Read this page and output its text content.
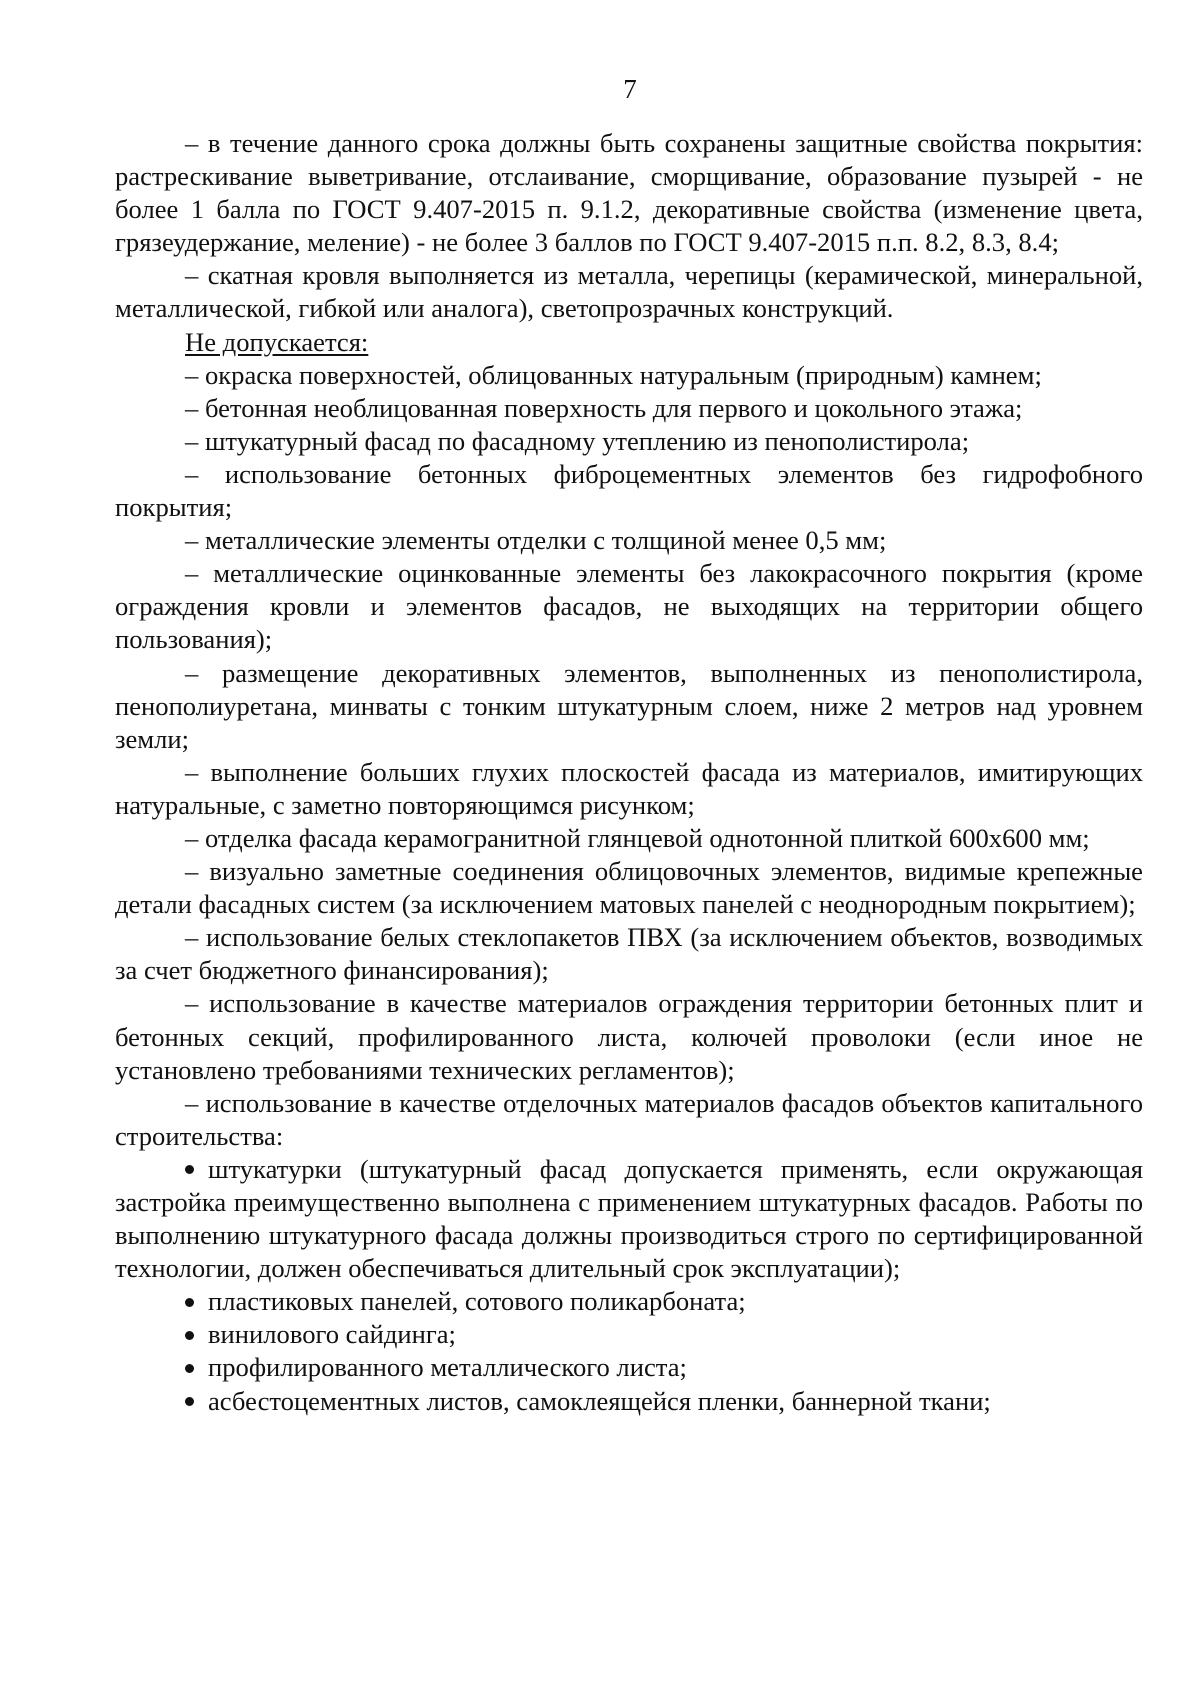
7

– в течение данного срока должны быть сохранены защитные свойства покрытия: растрескивание выветривание, отслаивание, сморщивание, образование пузырей - не более 1 балла по ГОСТ 9.407-2015 п. 9.1.2, декоративные свойства (изменение цвета, грязеудержание, меление) - не более 3 баллов по ГОСТ 9.407-2015 п.п. 8.2, 8.3, 8.4;

– скатная кровля выполняется из металла, черепицы (керамической, минеральной, металлической, гибкой или аналога), светопрозрачных конструкций.

Не допускается:

– окраска поверхностей, облицованных натуральным (природным) камнем;

– бетонная необлицованная поверхность для первого и цокольного этажа;

– штукатурный фасад по фасадному утеплению из пенополистирола;

– использование бетонных фиброцементных элементов без гидрофобного покрытия;

– металлические элементы отделки с толщиной менее 0,5 мм;

– металлические оцинкованные элементы без лакокрасочного покрытия (кроме ограждения кровли и элементов фасадов, не выходящих на территории общего пользования);

– размещение декоративных элементов, выполненных из пенополистирола, пенополиуретана, минваты с тонким штукатурным слоем, ниже 2 метров над уровнем земли;

– выполнение больших глухих плоскостей фасада из материалов, имитирующих натуральные, с заметно повторяющимся рисунком;

– отделка фасада керамогранитной глянцевой однотонной плиткой 600х600 мм;

– визуально заметные соединения облицовочных элементов, видимые крепежные детали фасадных систем (за исключением матовых панелей с неоднородным покрытием);

– использование белых стеклопакетов ПВХ (за исключением объектов, возводимых за счет бюджетного финансирования);

– использование в качестве материалов ограждения территории бетонных плит и бетонных секций, профилированного листа, колючей проволоки (если иное не установлено требованиями технических регламентов);

– использование в качестве отделочных материалов фасадов объектов капитального строительства:

штукатурки (штукатурный фасад допускается применять, если окружающая застройка преимущественно выполнена с применением штукатурных фасадов. Работы по выполнению штукатурного фасада должны производиться строго по сертифицированной технологии, должен обеспечиваться длительный срок эксплуатации);

пластиковых панелей, сотового поликарбоната;

винилового сайдинга;

профилированного металлического листа;

асбестоцементных листов, самоклеящейся пленки, баннерной ткани;
